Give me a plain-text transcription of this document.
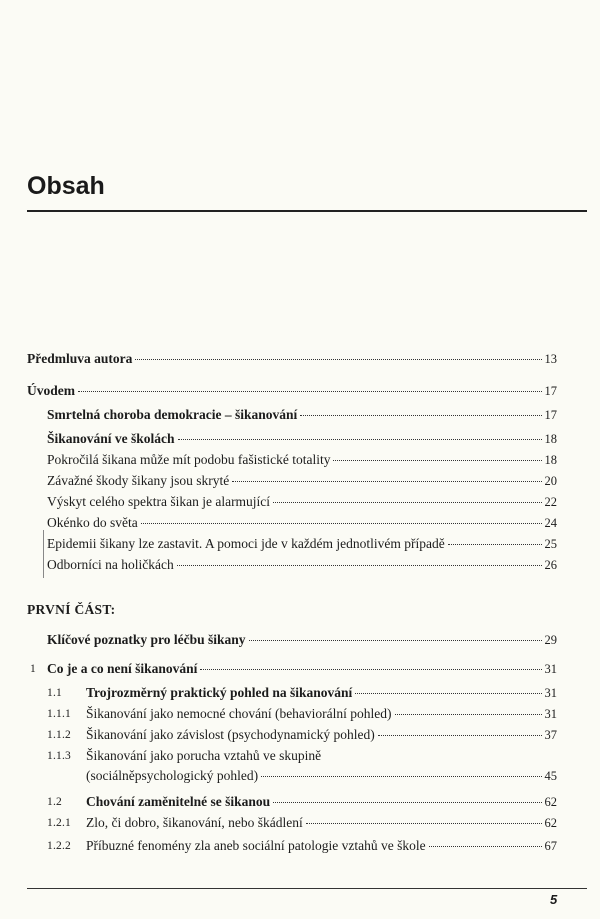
Obsah
Předmluva autora	13
Úvodem	17
Smrtelná choroba demokracie – šikanování	17
Šikanování ve školách	18
Pokročilá šikana může mít podobu fašistické totality	18
Závažné škody šikany jsou skryté	20
Výskyt celého spektra šikan je alarmující	22
Okénko do světa	24
Epidemii šikany lze zastavit. A pomoci jde v každém jednotlivém případě	25
Odborníci na holičkách	26
PRVNÍ ČÁST:
Klíčové poznatky pro léčbu šikany	29
1 Co je a co není šikanování	31
1.1 Trojrozměrný praktický pohled na šikanování	31
1.1.1 Šikanování jako nemocné chování (behaviorální pohled)	31
1.1.2 Šikanování jako závislost (psychodynamický pohled)	37
1.1.3 Šikanování jako porucha vztahů ve skupině
(sociálněpsychologický pohled)	45
1.2 Chování zaměnitelné se šikanou	62
1.2.1 Zlo, či dobro, šikanování, nebo škádlení	62
1.2.2 Příbuzné fenomény zla aneb sociální patologie vztahů ve škole	67
5
